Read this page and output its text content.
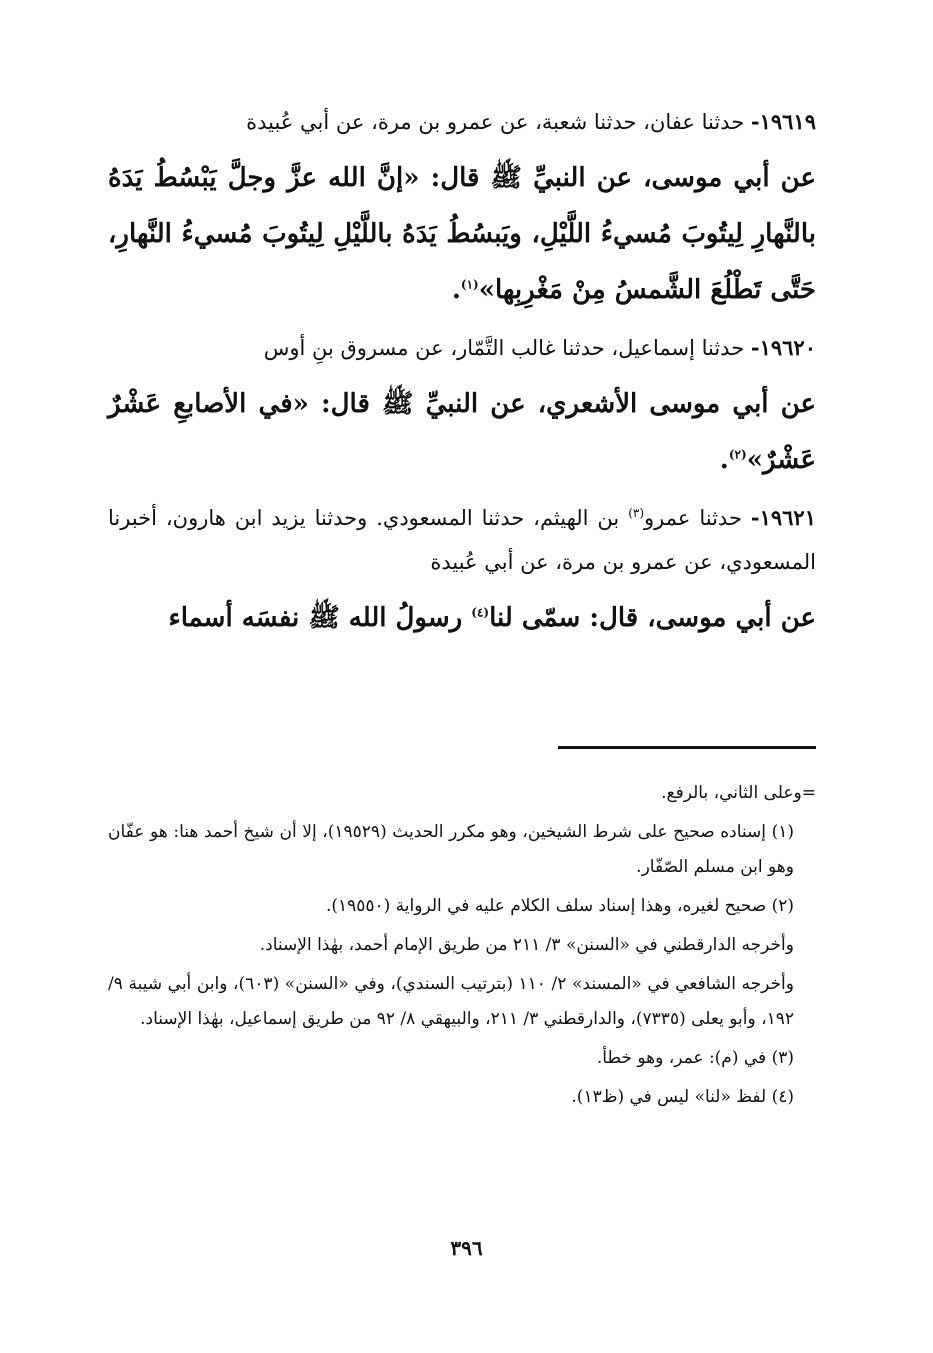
١٩٦١٩- حدثنا عفان، حدثنا شعبة، عن عمرو بن مرة، عن أبي عُبيدة

عن أبي موسى، عن النبيِّ ﷺ قال: «إنَّ الله عزَّ وجلَّ يَبْسُطُ يَدَهُ بالنَّهارِ لِيتُوبَ مُسيءُ اللَّيْلِ، ويَبسُطُ يَدَهُ باللَّيْلِ لِيتُوبَ مُسيءُ النَّهارِ، حَتَّى تَطْلُعَ الشَّمسُ مِنْ مَغْرِبِها»$^{(١)}$.

١٩٦٢٠- حدثنا إسماعيل، حدثنا غالب التَّمّار، عن مسروق بنِ أوس

عن أبي موسى الأشعري، عن النبيِّ ﷺ قال: «في الأصابعِ عَشْرٌ عَشْرٌ»$^{(٢)}$.

١٩٦٢١- حدثنا عمرو$^{(٣)}$ بن الهيثم، حدثنا المسعودي. وحدثنا يزيد ابن هارون، أخبرنا المسعودي، عن عمرو بن مرة، عن أبي عُبيدة

عن أبي موسى، قال: سمّى لنا$^{(٤)}$ رسولُ الله ﷺ نفسَه أسماء

=وعلى الثاني، بالرفع.

(١) إسناده صحيح على شرط الشيخين، وهو مكرر الحديث (١٩٥٢٩)، إلا أن شيخ أحمد هنا: هو عفّان وهو ابن مسلم الصّفّار.

(٢) صحيح لغيره، وهذا إسناد سلف الكلام عليه في الرواية (١٩٥٥٠).

وأخرجه الدارقطني في «السنن» ٣/ ٢١١ من طريق الإمام أحمد، بهٰذا الإسناد.

وأخرجه الشافعي في «المسند» ٢/ ١١٠ (بترتيب السندي)، وفي «السنن» (٦٠٣)، وابن أبي شيبة ٩/ ١٩٢، وأبو يعلى (٧٣٣٥)، والدارقطني ٣/ ٢١١، والبيهقي ٨/ ٩٢ من طريق إسماعيل، بهٰذا الإسناد.

(٣) في (م): عمر، وهو خطأ.

(٤) لفظ «لنا» ليس في (ظ١٣).

٣٩٦
